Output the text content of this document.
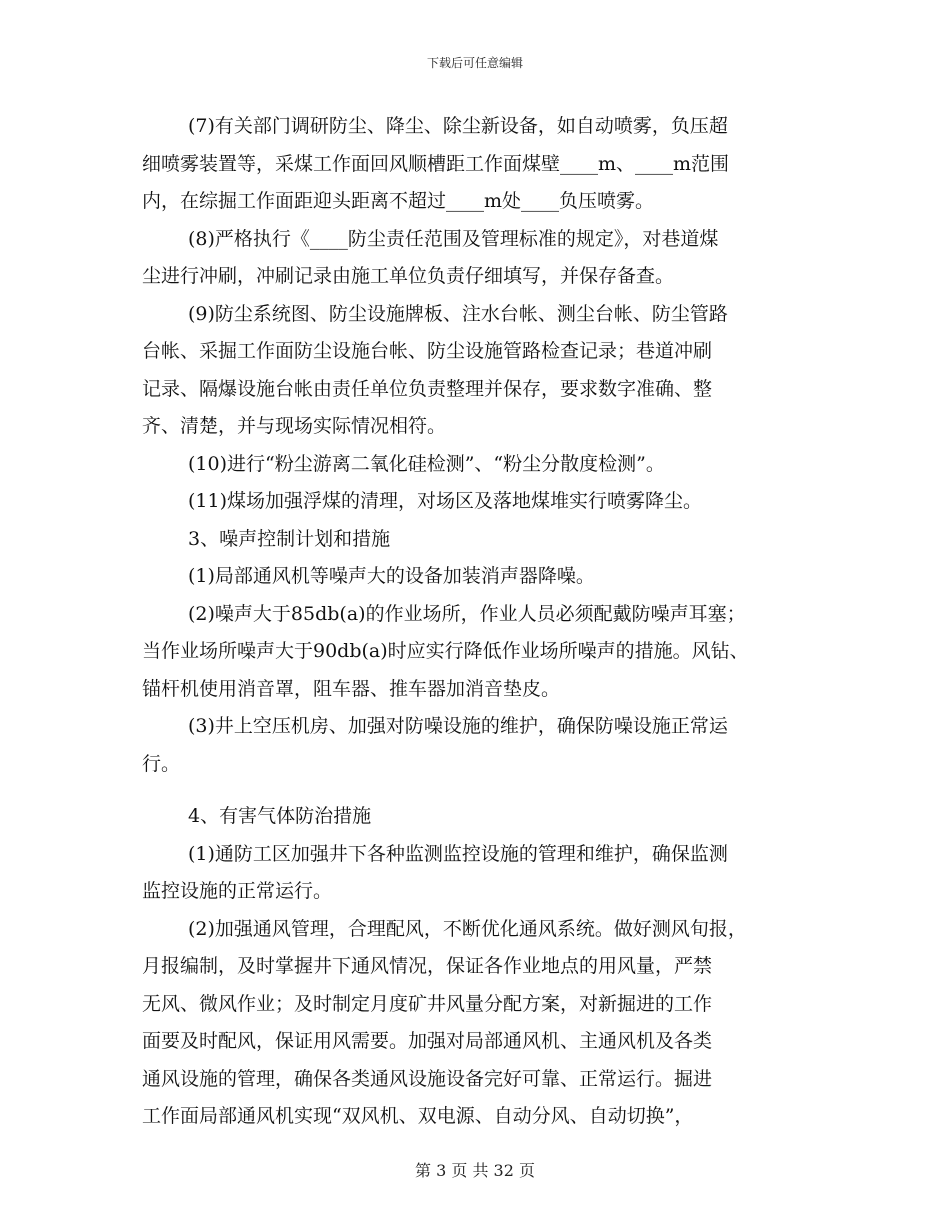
下载后可任意编辑
(7)有关部门调研防尘、降尘、除尘新设备，如自动喷雾，负压超
细喷雾装置等，采煤工作面回风顺槽距工作面煤壁____m、____m范围
内，在综掘工作面距迎头距离不超过____m处____负压喷雾。
(8)严格执行《____防尘责任范围及管理标准的规定》，对巷道煤
尘进行冲刷，冲刷记录由施工单位负责仔细填写，并保存备查。
(9)防尘系统图、防尘设施牌板、注水台帐、测尘台帐、防尘管路
台帐、采掘工作面防尘设施台帐、防尘设施管路检查记录；巷道冲刷
记录、隔爆设施台帐由责任单位负责整理并保存，要求数字准确、整
齐、清楚，并与现场实际情况相符。
(10)进行“粉尘游离二氧化硅检测”、“粉尘分散度检测”。
(11)煤场加强浮煤的清理，对场区及落地煤堆实行喷雾降尘。
3、噪声控制计划和措施
(1)局部通风机等噪声大的设备加装消声器降噪。
(2)噪声大于85db(a)的作业场所，作业人员必须配戴防噪声耳塞；
当作业场所噪声大于90db(a)时应实行降低作业场所噪声的措施。风钻、
锚杆机使用消音罩，阻车器、推车器加消音垫皮。
(3)井上空压机房、加强对防噪设施的维护，确保防噪设施正常运
行。
4、有害气体防治措施
(1)通防工区加强井下各种监测监控设施的管理和维护，确保监测
监控设施的正常运行。
(2)加强通风管理，合理配风，不断优化通风系统。做好测风旬报，
月报编制，及时掌握井下通风情况，保证各作业地点的用风量，严禁
无风、微风作业；及时制定月度矿井风量分配方案，对新掘进的工作
面要及时配风，保证用风需要。加强对局部通风机、主通风机及各类
通风设施的管理，确保各类通风设施设备完好可靠、正常运行。掘进
工作面局部通风机实现“双风机、双电源、自动分风、自动切换”，
第 3 页 共 32 页
